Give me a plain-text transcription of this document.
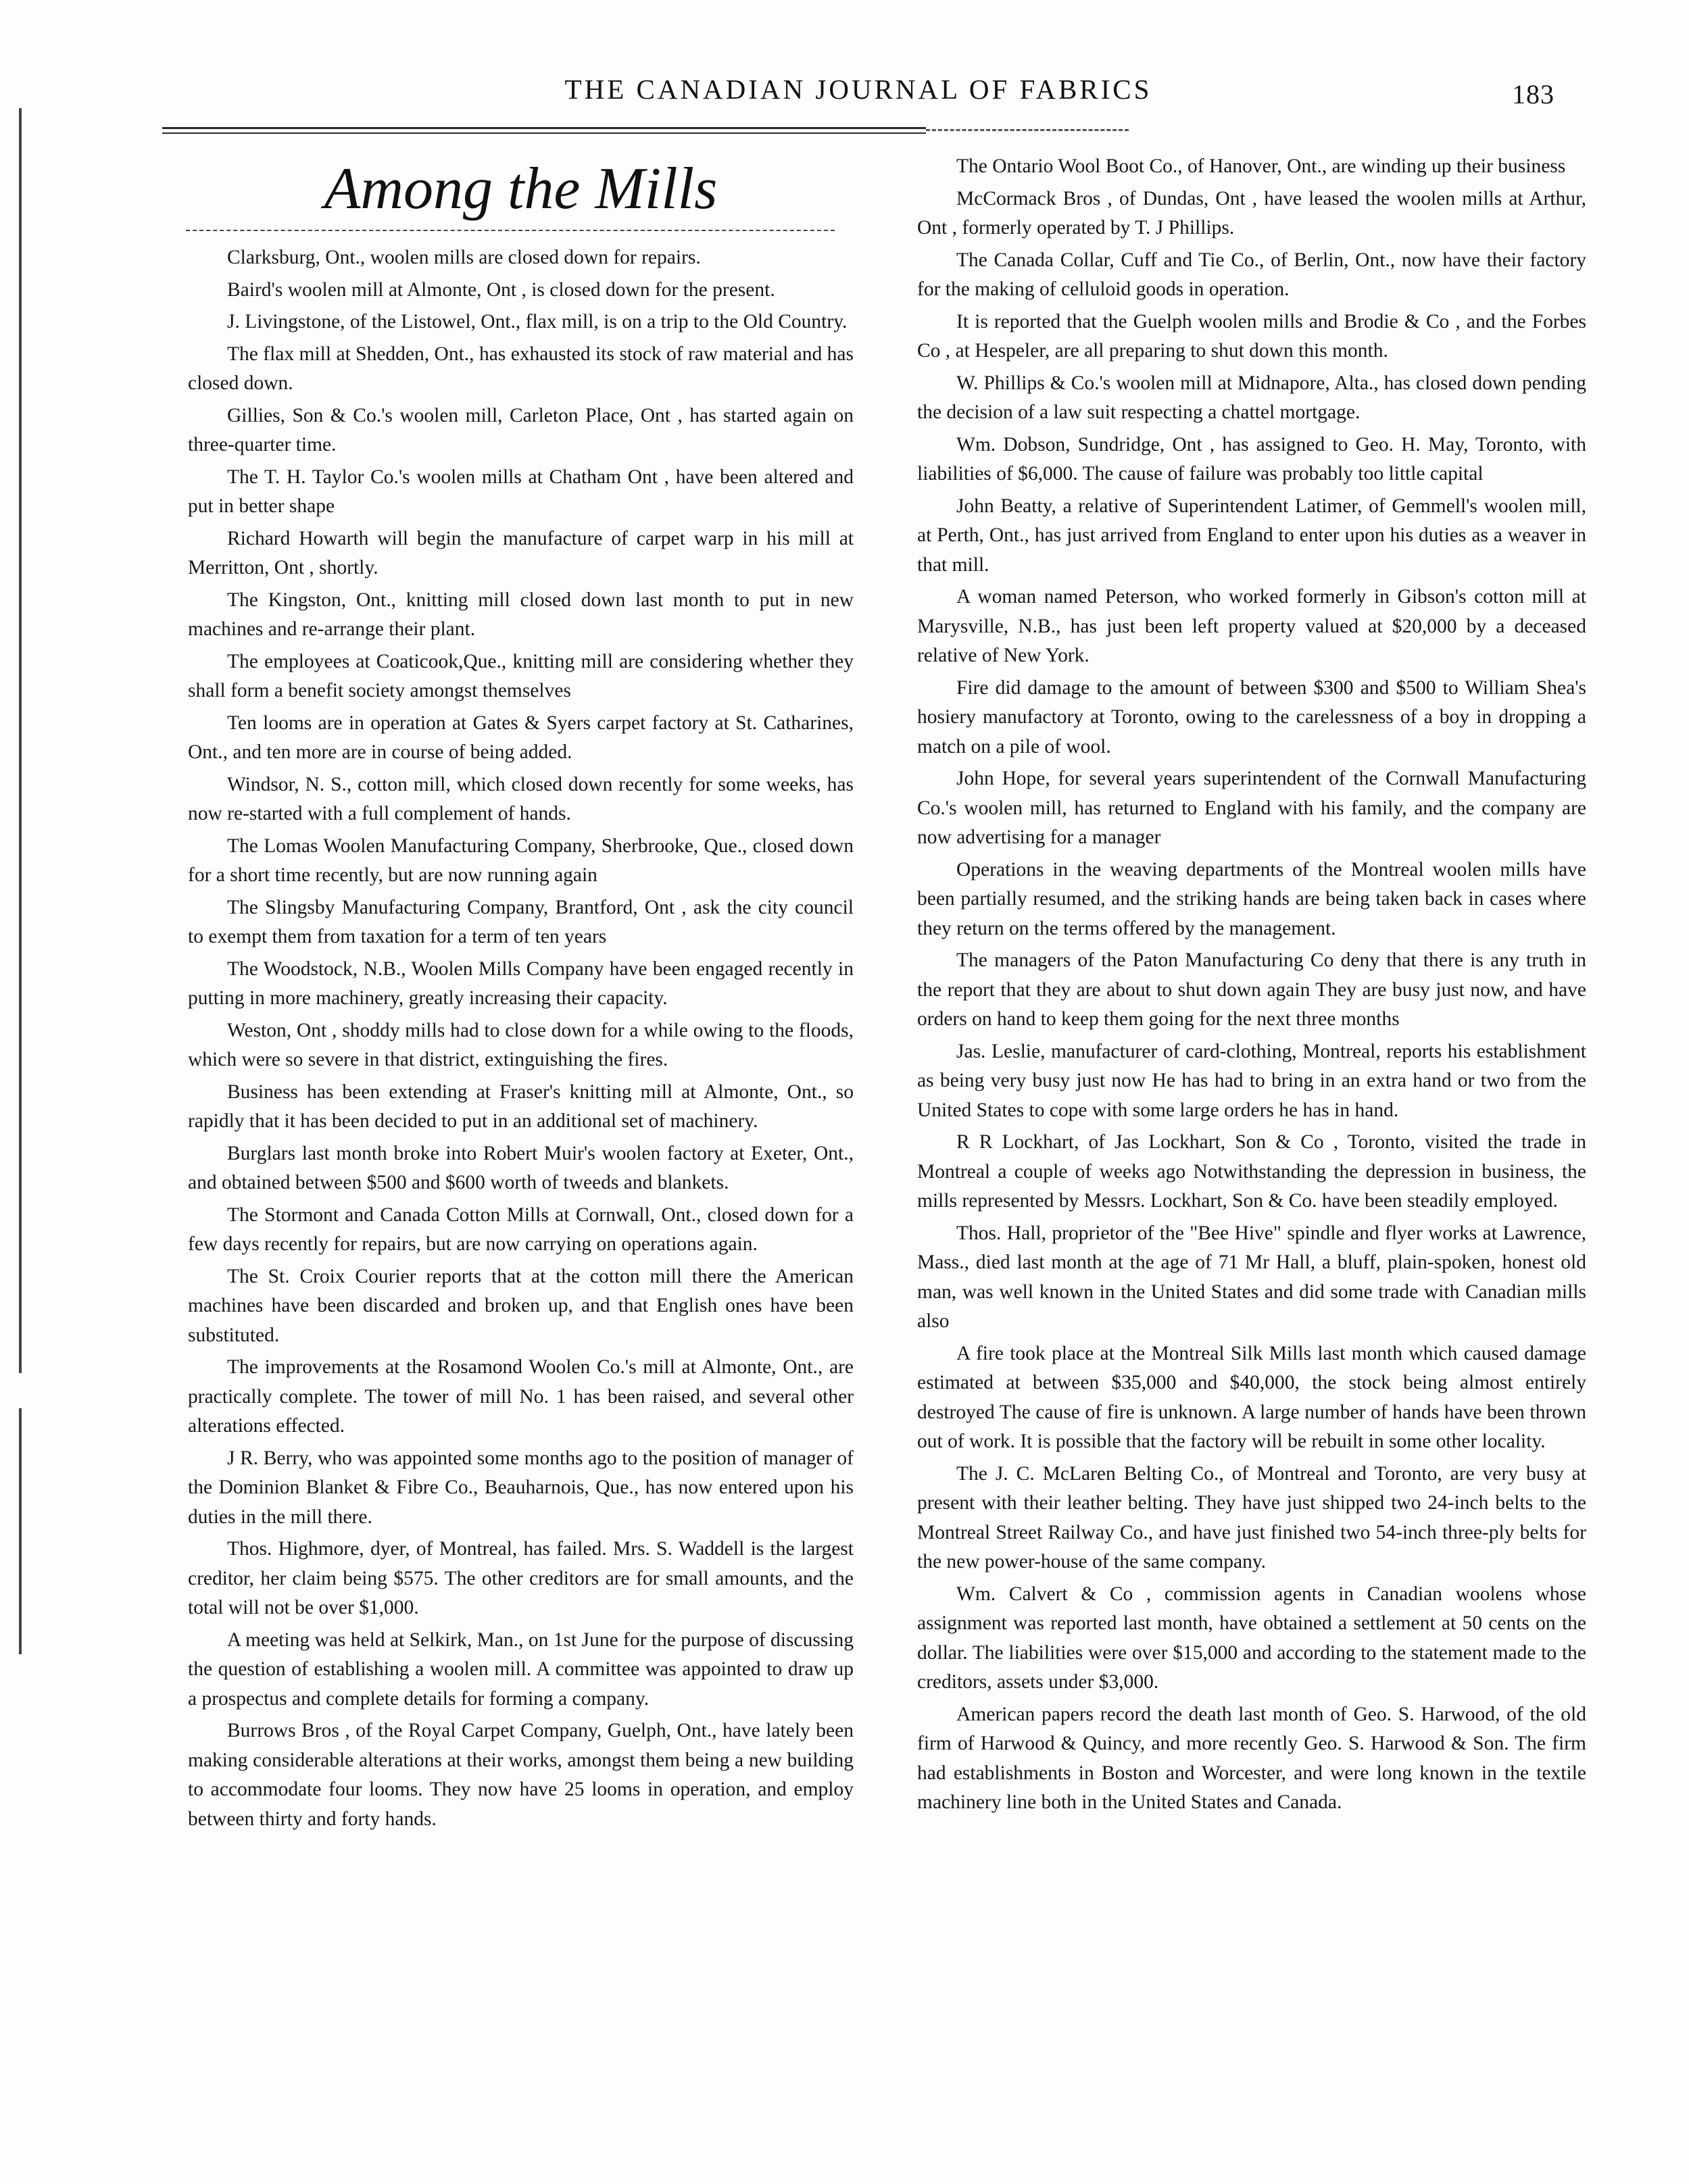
THE CANADIAN JOURNAL OF FABRICS	183
Among the Mills

Clarksburg, Ont., woolen mills are closed down for repairs.

Baird's woolen mill at Almonte, Ont , is closed down for the present.

J. Livingstone, of the Listowel, Ont., flax mill, is on a trip to the Old Country.

The flax mill at Shedden, Ont., has exhausted its stock of raw material and has closed down.

Gillies, Son & Co.'s woolen mill, Carleton Place, Ont , has started again on three-quarter time.

The T. H. Taylor Co.'s woolen mills at Chatham Ont , have been altered and put in better shape

Richard Howarth will begin the manufacture of carpet warp in his mill at Merritton, Ont , shortly.

The Kingston, Ont., knitting mill closed down last month to put in new machines and re-arrange their plant.

The employees at Coaticook,Que., knitting mill are considering whether they shall form a benefit society amongst themselves

Ten looms are in operation at Gates & Syers carpet factory at St. Catharines, Ont., and ten more are in course of being added.

Windsor, N. S., cotton mill, which closed down recently for some weeks, has now re-started with a full complement of hands.

The Lomas Woolen Manufacturing Company, Sherbrooke, Que., closed down for a short time recently, but are now running again

The Slingsby Manufacturing Company, Brantford, Ont , ask the city council to exempt them from taxation for a term of ten years

The Woodstock, N.B., Woolen Mills Company have been engaged recently in putting in more machinery, greatly increasing their capacity.

Weston, Ont , shoddy mills had to close down for a while owing to the floods, which were so severe in that district, extinguishing the fires.

Business has been extending at Fraser's knitting mill at Almonte, Ont., so rapidly that it has been decided to put in an additional set of machinery.

Burglars last month broke into Robert Muir's woolen factory at Exeter, Ont., and obtained between $500 and $600 worth of tweeds and blankets.

The Stormont and Canada Cotton Mills at Cornwall, Ont., closed down for a few days recently for repairs, but are now carrying on operations again.

The St. Croix Courier reports that at the cotton mill there the American machines have been discarded and broken up, and that English ones have been substituted.

The improvements at the Rosamond Woolen Co.'s mill at Almonte, Ont., are practically complete. The tower of mill No. 1 has been raised, and several other alterations effected.

J R. Berry, who was appointed some months ago to the position of manager of the Dominion Blanket & Fibre Co., Beauharnois, Que., has now entered upon his duties in the mill there.

Thos. Highmore, dyer, of Montreal, has failed. Mrs. S. Waddell is the largest creditor, her claim being $575. The other creditors are for small amounts, and the total will not be over $1,000.

A meeting was held at Selkirk, Man., on 1st June for the purpose of discussing the question of establishing a woolen mill. A committee was appointed to draw up a prospectus and complete details for forming a company.

Burrows Bros , of the Royal Carpet Company, Guelph, Ont., have lately been making considerable alterations at their works, amongst them being a new building to accommodate four looms. They now have 25 looms in operation, and employ between thirty and forty hands.

The Ontario Wool Boot Co., of Hanover, Ont., are winding up their business

McCormack Bros , of Dundas, Ont , have leased the woolen mills at Arthur, Ont , formerly operated by T. J Phillips.

The Canada Collar, Cuff and Tie Co., of Berlin, Ont., now have their factory for the making of celluloid goods in operation.

It is reported that the Guelph woolen mills and Brodie & Co , and the Forbes Co , at Hespeler, are all preparing to shut down this month.

W. Phillips & Co.'s woolen mill at Midnapore, Alta., has closed down pending the decision of a law suit respecting a chattel mortgage.

Wm. Dobson, Sundridge, Ont , has assigned to Geo. H. May, Toronto, with liabilities of $6,000. The cause of failure was probably too little capital

John Beatty, a relative of Superintendent Latimer, of Gemmell's woolen mill, at Perth, Ont., has just arrived from England to enter upon his duties as a weaver in that mill.

A woman named Peterson, who worked formerly in Gibson's cotton mill at Marysville, N.B., has just been left property valued at $20,000 by a deceased relative of New York.

Fire did damage to the amount of between $300 and $500 to William Shea's hosiery manufactory at Toronto, owing to the carelessness of a boy in dropping a match on a pile of wool.

John Hope, for several years superintendent of the Cornwall Manufacturing Co.'s woolen mill, has returned to England with his family, and the company are now advertising for a manager

Operations in the weaving departments of the Montreal woolen mills have been partially resumed, and the striking hands are being taken back in cases where they return on the terms offered by the management.

The managers of the Paton Manufacturing Co deny that there is any truth in the report that they are about to shut down again They are busy just now, and have orders on hand to keep them going for the next three months

Jas. Leslie, manufacturer of card-clothing, Montreal, reports his establishment as being very busy just now He has had to bring in an extra hand or two from the United States to cope with some large orders he has in hand.

R R Lockhart, of Jas Lockhart, Son & Co , Toronto, visited the trade in Montreal a couple of weeks ago Notwithstanding the depression in business, the mills represented by Messrs. Lockhart, Son & Co. have been steadily employed.

Thos. Hall, proprietor of the "Bee Hive" spindle and flyer works at Lawrence, Mass., died last month at the age of 71 Mr Hall, a bluff, plain-spoken, honest old man, was well known in the United States and did some trade with Canadian mills also

A fire took place at the Montreal Silk Mills last month which caused damage estimated at between $35,000 and $40,000, the stock being almost entirely destroyed The cause of fire is unknown. A large number of hands have been thrown out of work. It is possible that the factory will be rebuilt in some other locality.

The J. C. McLaren Belting Co., of Montreal and Toronto, are very busy at present with their leather belting. They have just shipped two 24-inch belts to the Montreal Street Railway Co., and have just finished two 54-inch three-ply belts for the new power-house of the same company.

Wm. Calvert & Co , commission agents in Canadian woolens whose assignment was reported last month, have obtained a settlement at 50 cents on the dollar. The liabilities were over $15,000 and according to the statement made to the creditors, assets under $3,000.

American papers record the death last month of Geo. S. Harwood, of the old firm of Harwood & Quincy, and more recently Geo. S. Harwood & Son. The firm had establishments in Boston and Worcester, and were long known in the textile machinery line both in the United States and Canada.
